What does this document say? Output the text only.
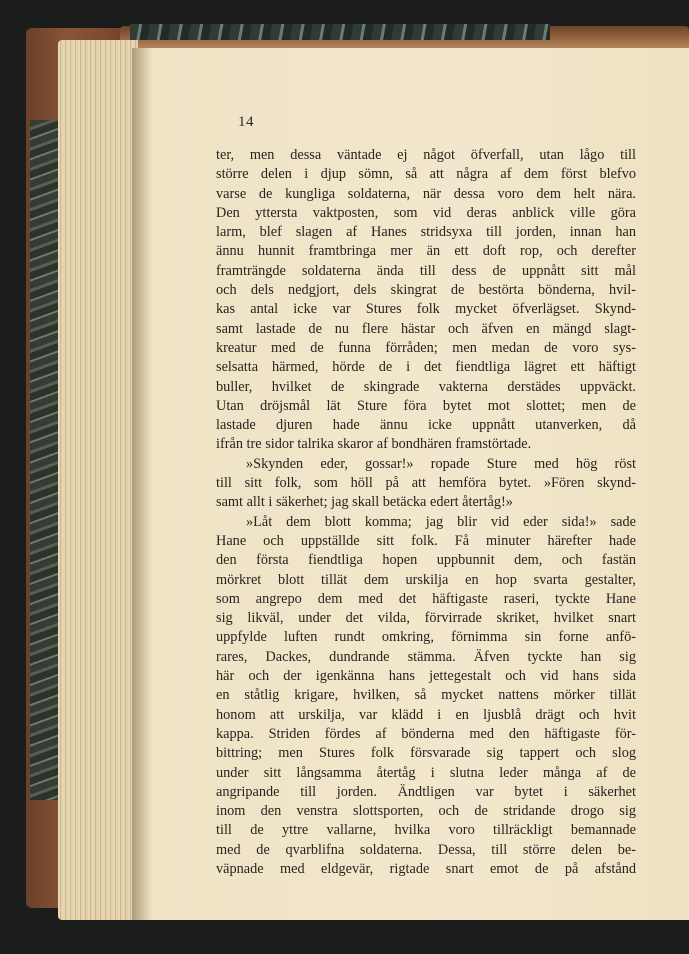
14
ter, men dessa väntade ej något öfverfall, utan lågo till
större delen i djup sömn, så att några af dem först blefvo
varse de kungliga soldaterna, när dessa voro dem helt nära.
Den yttersta vaktposten, som vid deras anblick ville göra
larm, blef slagen af Hanes stridsyxa till jorden, innan han
ännu hunnit framtbringa mer än ett doft rop, och derefter
framträngde soldaterna ända till dess de uppnått sitt mål
och dels nedgjort, dels skingrat de bestörta bönderna, hvil-
kas antal icke var Stures folk mycket öfverlägset. Skynd-
samt lastade de nu flere hästar och äfven en mängd slagt-
kreatur med de funna förråden; men medan de voro sys-
selsatta härmed, hörde de i det fiendtliga lägret ett häftigt
buller, hvilket de skingrade vakterna derstädes uppväckt.
Utan dröjsmål lät Sture föra bytet mot slottet; men de
lastade djuren hade ännu icke uppnått utanverken, då
ifrån tre sidor talrika skaror af bondhären framstörtade.
»Skynden eder, gossar!» ropade Sture med hög röst
till sitt folk, som höll på att hemföra bytet. »Fören skynd-
samt allt i säkerhet; jag skall betäcka edert återtåg!»
»Låt dem blott komma; jag blir vid eder sida!» sade
Hane och uppställde sitt folk. Få minuter härefter hade
den första fiendtliga hopen uppbunnit dem, och fastän
mörkret blott tillät dem urskilja en hop svarta gestalter,
som angrepo dem med det häftigaste raseri, tyckte Hane
sig likväl, under det vilda, förvirrade skriket, hvilket snart
uppfylde luften rundt omkring, förnimma sin forne anfö-
rares, Dackes, dundrande stämma. Äfven tyckte han sig
här och der igenkänna hans jettegestalt och vid hans sida
en ståtlig krigare, hvilken, så mycket nattens mörker tillät
honom att urskilja, var klädd i en ljusblå drägt och hvit
kappa. Striden fördes af bönderna med den häftigaste för-
bittring; men Stures folk försvarade sig tappert och slog
under sitt långsamma återtåg i slutna leder många af de
angripande till jorden. Ändtligen var bytet i säkerhet
inom den venstra slottsporten, och de stridande drogo sig
till de yttre vallarne, hvilka voro tillräckligt bemannade
med de qvarblifna soldaterna. Dessa, till större delen be-
väpnade med eldgevär, rigtade snart emot de på afstånd
